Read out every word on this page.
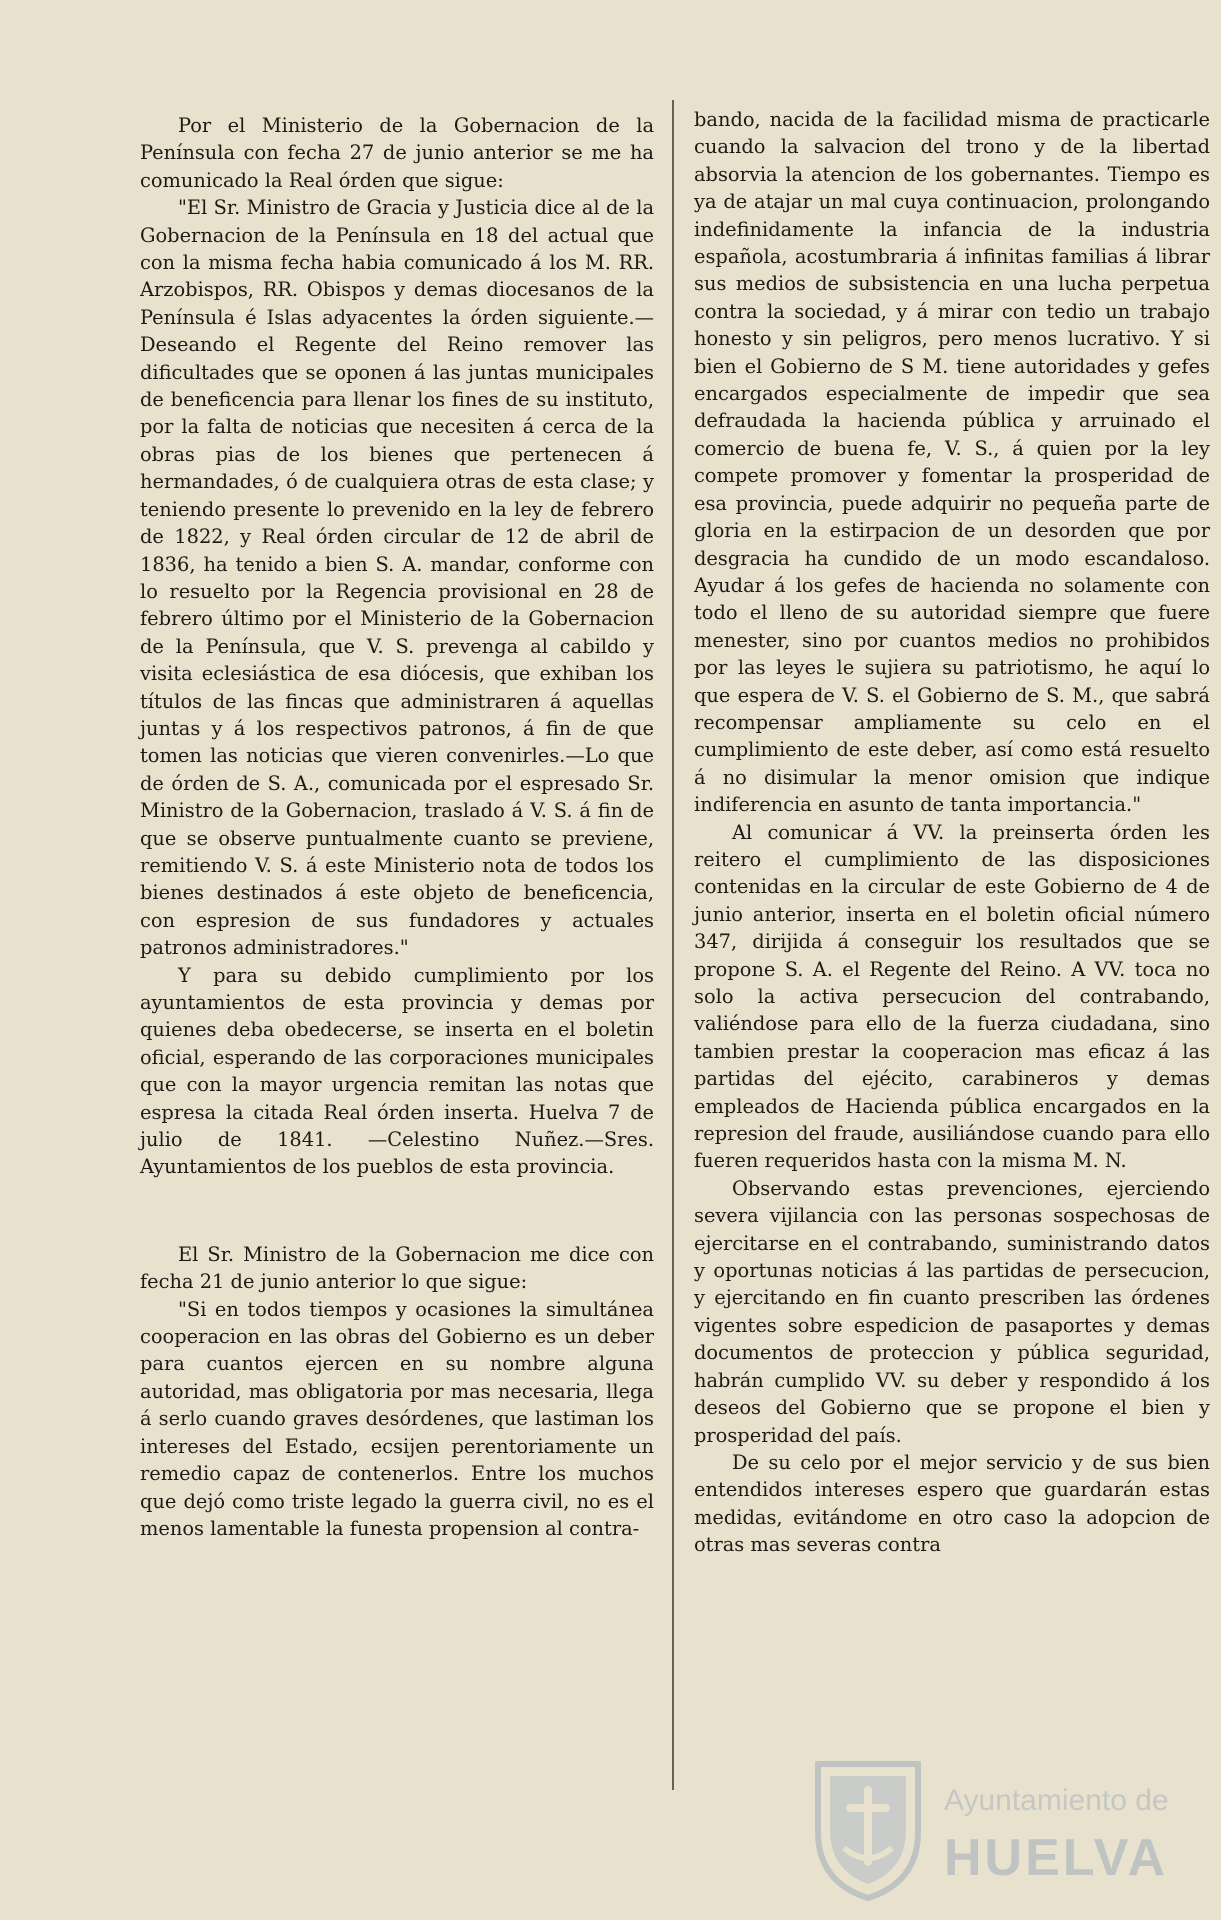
Por el Ministerio de la Gobernacion de la Península con fecha 27 de junio anterior se me ha comunicado la Real órden que sigue:

"El Sr. Ministro de Gracia y Justicia dice al de la Gobernacion de la Península en 18 del actual que con la misma fecha habia comunicado á los M. RR. Arzobispos, RR. Obispos y demas diocesanos de la Península é Islas adyacentes la órden siguiente.—Deseando el Regente del Reino remover las dificultades que se oponen á las juntas municipales de beneficencia para llenar los fines de su instituto, por la falta de noticias que necesiten á cerca de la obras pias de los bienes que pertenecen á hermandades, ó de cualquiera otras de esta clase; y teniendo presente lo prevenido en la ley de febrero de 1822, y Real órden circular de 12 de abril de 1836, ha tenido a bien S. A. mandar, conforme con lo resuelto por la Regencia provisional en 28 de febrero último por el Ministerio de la Gobernacion de la Península, que V. S. prevenga al cabildo y visita eclesiástica de esa diócesis, que exhiban los títulos de las fincas que administraren á aquellas juntas y á los respectivos patronos, á fin de que tomen las noticias que vieren convenirles.—Lo que de órden de S. A., comunicada por el espresado Sr. Ministro de la Gobernacion, traslado á V. S. á fin de que se observe puntualmente cuanto se previene, remitiendo V. S. á este Ministerio nota de todos los bienes destinados á este objeto de beneficencia, con espresion de sus fundadores y actuales patronos administradores."

Y para su debido cumplimiento por los ayuntamientos de esta provincia y demas por quienes deba obedecerse, se inserta en el boletin oficial, esperando de las corporaciones municipales que con la mayor urgencia remitan las notas que espresa la citada Real órden inserta. Huelva 7 de julio de 1841. —Celestino Nuñez.—Sres. Ayuntamientos de los pueblos de esta provincia.

El Sr. Ministro de la Gobernacion me dice con fecha 21 de junio anterior lo que sigue:

"Si en todos tiempos y ocasiones la simultánea cooperacion en las obras del Gobierno es un deber para cuantos ejercen en su nombre alguna autoridad, mas obligatoria por mas necesaria, llega á serlo cuando graves desórdenes, que lastiman los intereses del Estado, ecsijen perentoriamente un remedio capaz de contenerlos. Entre los muchos que dejó como triste legado la guerra civil, no es el menos lamentable la funesta propension al contra-

bando, nacida de la facilidad misma de practicarle cuando la salvacion del trono y de la libertad absorvia la atencion de los gobernantes. Tiempo es ya de atajar un mal cuya continuacion, prolongando indefinidamente la infancia de la industria española, acostumbraria á infinitas familias á librar sus medios de subsistencia en una lucha perpetua contra la sociedad, y á mirar con tedio un trabajo honesto y sin peligros, pero menos lucrativo. Y si bien el Gobierno de S M. tiene autoridades y gefes encargados especialmente de impedir que sea defraudada la hacienda pública y arruinado el comercio de buena fe, V. S., á quien por la ley compete promover y fomentar la prosperidad de esa provincia, puede adquirir no pequeña parte de gloria en la estirpacion de un desorden que por desgracia ha cundido de un modo escandaloso. Ayudar á los gefes de hacienda no solamente con todo el lleno de su autoridad siempre que fuere menester, sino por cuantos medios no prohibidos por las leyes le sujiera su patriotismo, he aquí lo que espera de V. S. el Gobierno de S. M., que sabrá recompensar ampliamente su celo en el cumplimiento de este deber, así como está resuelto á no disimular la menor omision que indique indiferencia en asunto de tanta importancia."

Al comunicar á VV. la preinserta órden les reitero el cumplimiento de las disposiciones contenidas en la circular de este Gobierno de 4 de junio anterior, inserta en el boletin oficial número 347, dirijida á conseguir los resultados que se propone S. A. el Regente del Reino. A VV. toca no solo la activa persecucion del contrabando, valiéndose para ello de la fuerza ciudadana, sino tambien prestar la cooperacion mas eficaz á las partidas del ejécito, carabineros y demas empleados de Hacienda pública encargados en la represion del fraude, ausiliándose cuando para ello fueren requeridos hasta con la misma M. N.

Observando estas prevenciones, ejerciendo severa vijilancia con las personas sospechosas de ejercitarse en el contrabando, suministrando datos y oportunas noticias á las partidas de persecucion, y ejercitando en fin cuanto prescriben las órdenes vigentes sobre espedicion de pasaportes y demas documentos de proteccion y pública seguridad, habrán cumplido VV. su deber y respondido á los deseos del Gobierno que se propone el bien y prosperidad del país.

De su celo por el mejor servicio y de sus bien entendidos intereses espero que guardarán estas medidas, evitándome en otro caso la adopcion de otras mas severas contra

Ayuntamiento de
HUELVA
